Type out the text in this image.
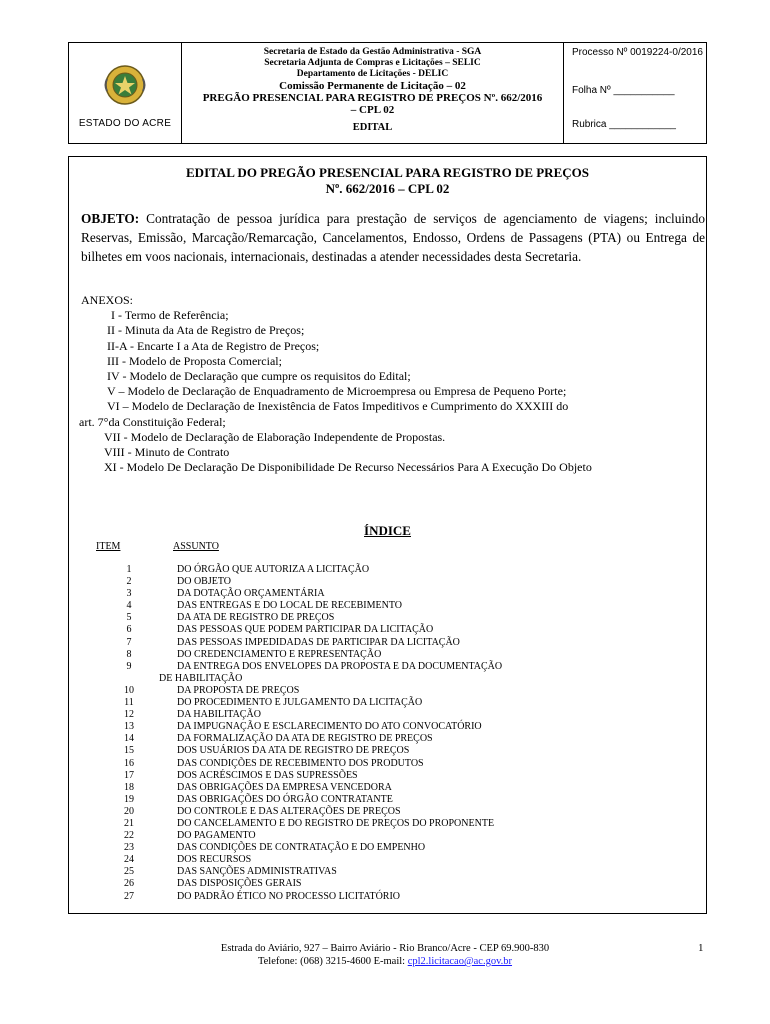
ESTADO DO ACRE
Secretaria de Estado da Gestão Administrativa - SGA
Secretaria Adjunta de Compras e Licitações – SELIC
Departamento de Licitações - DELIC
Comissão Permanente de Licitação – 02
PREGÃO PRESENCIAL PARA REGISTRO DE PREÇOS Nº. 662/2016
– CPL 02
EDITAL
Processo Nº 0019224-0/2016
Folha Nº ___________
Rubrica ____________
EDITAL DO PREGÃO PRESENCIAL PARA REGISTRO DE PREÇOS
Nº. 662/2016 – CPL 02
OBJETO: Contratação de pessoa jurídica para prestação de serviços de agenciamento de viagens; incluindo Reservas, Emissão, Marcação/Remarcação, Cancelamentos, Endosso, Ordens de Passagens (PTA) ou Entrega de bilhetes em voos nacionais, internacionais, destinadas a atender necessidades desta Secretaria.
ANEXOS:
I - Termo de Referência;
II - Minuta da Ata de Registro de Preços;
II-A - Encarte I a Ata de Registro de Preços;
III - Modelo de Proposta Comercial;
IV - Modelo de Declaração que cumpre os requisitos do Edital;
V – Modelo de Declaração de Enquadramento de Microempresa ou Empresa de Pequeno Porte;
VI – Modelo de Declaração de Inexistência de Fatos Impeditivos e Cumprimento do XXXIII do
art. 7°da Constituição Federal;
VII - Modelo de Declaração de Elaboração Independente de Propostas.
VIII - Minuto de Contrato
XI - Modelo De Declaração De Disponibilidade De Recurso Necessários Para A Execução Do Objeto
ÍNDICE
ITEM	ASSUNTO
1	DO ÓRGÃO QUE AUTORIZA A LICITAÇÃO
2	DO OBJETO
3	DA DOTAÇÃO ORÇAMENTÁRIA
4	DAS ENTREGAS E DO LOCAL DE RECEBIMENTO
5	DA ATA DE REGISTRO DE PREÇOS
6	DAS PESSOAS QUE PODEM PARTICIPAR DA LICITAÇÃO
7	DAS PESSOAS IMPEDIDADAS DE PARTICIPAR DA LICITAÇÃO
8	DO CREDENCIAMENTO E REPRESENTAÇÃO
9	DA ENTREGA DOS ENVELOPES DA PROPOSTA E DA DOCUMENTAÇÃO
DE HABILITAÇÃO
10	DA PROPOSTA DE PREÇOS
11	DO PROCEDIMENTO E JULGAMENTO DA LICITAÇÃO
12	DA HABILITAÇÃO
13	DA IMPUGNAÇÃO E ESCLARECIMENTO DO ATO CONVOCATÓRIO
14	DA FORMALIZAÇÃO DA ATA DE REGISTRO DE PREÇOS
15	DOS USUÁRIOS DA ATA DE REGISTRO DE PREÇOS
16	DAS CONDIÇÕES DE RECEBIMENTO DOS PRODUTOS
17	DOS ACRÉSCIMOS E DAS SUPRESSÕES
18	DAS OBRIGAÇÕES DA EMPRESA VENCEDORA
19	DAS OBRIGAÇÕES DO ÓRGÃO CONTRATANTE
20	DO CONTROLE E DAS ALTERAÇÕES DE PREÇOS
21	DO CANCELAMENTO E DO REGISTRO DE PREÇOS DO PROPONENTE
22	DO PAGAMENTO
23	DAS CONDIÇÕES DE CONTRATAÇÃO E DO EMPENHO
24	DOS RECURSOS
25	DAS SANÇÕES ADMINISTRATIVAS
26	DAS DISPOSIÇÕES GERAIS
27	DO PADRÃO ÉTICO NO PROCESSO LICITATÓRIO
Estrada do Aviário, 927 – Bairro Aviário - Rio Branco/Acre - CEP 69.900-830
Telefone: (068) 3215-4600 E-mail: cpl2.licitacao@ac.gov.br
1
